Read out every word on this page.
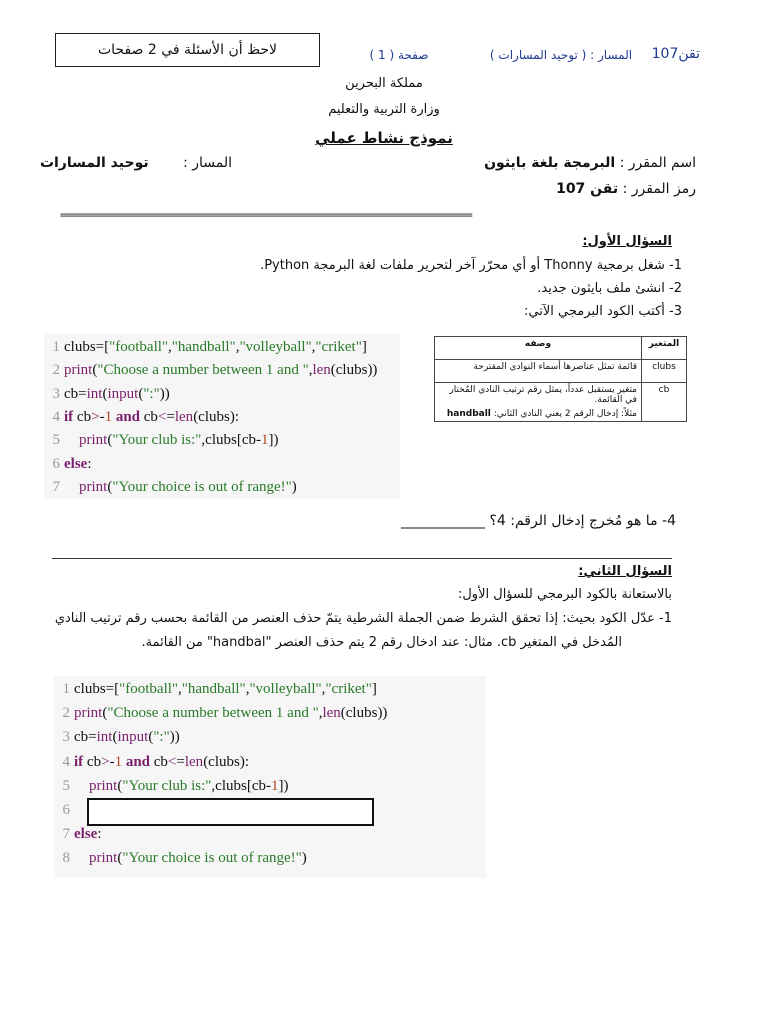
لاحظ أن الأسئلة في 2 صفحات	صفحة ( 1 )	المسار : ( توحيد المسارات )	تقن107
مملكة البحرين
وزارة التربية والتعليم
نموذج نشاط عملي
اسم المقرر : البرمجة بلغة بايثون
المسار : توحيد المسارات
رمز المقرر : تقن 107
==========================================================================================
السؤال الأول:
1- شغل برمجية Thonny أو أي محرّر آخر لتحرير ملفات لغة البرمجة Python.
2- انشئ ملف بايثون جديد.
3- أكتب الكود البرمجي الآتي:
1 clubs=[ "football" , "handball" , "volleyball" , "criket" ]
2 print ( "Choose a number between 1 and " , len (clubs))
3 cb= int ( input ( ":" ))
4 if cb > - 1
and cb < = len (clubs):
5
print ( "Your club is:" ,clubs[cb- 1 ])
6 else :
7
print ( "Your choice is out of range!" )
المتغير	وصفه
clubs	قائمة تمثل عناصرها أسماء النوادي المقترحة
cb	متغير يستقبل عدداً، يمثل رقم ترتيب النادي المُختار في القائمة.
مثلاً: إدخال الرقم 2 يعني النادي الثاني: handball
4- ما هو مُخرج إدخال الرقم: 4؟ ____________
السؤال الثاني:
بالاستعانة بالكود البرمجي للسؤال الأول:
1- عدّل الكود بحيث: إذا تحقق الشرط ضمن الجملة الشرطية يتمّ حذف العنصر من القائمة بحسب رقم ترتيب النادي
المُدخل في المتغير cb. مثال: عند ادخال رقم 2 يتم حذف العنصر "handbal" من القائمة.
1 clubs=[ "football" , "handball" , "volleyball" , "criket" ]
2 print ( "Choose a number between 1 and " , len (clubs))
3 cb= int ( input ( ":" ))
4 if cb > - 1
and cb < = len (clubs):
5
print ( "Your club is:" ,clubs[cb- 1 ])
6
7 else :
8
print ( "Your choice is out of range!" )
